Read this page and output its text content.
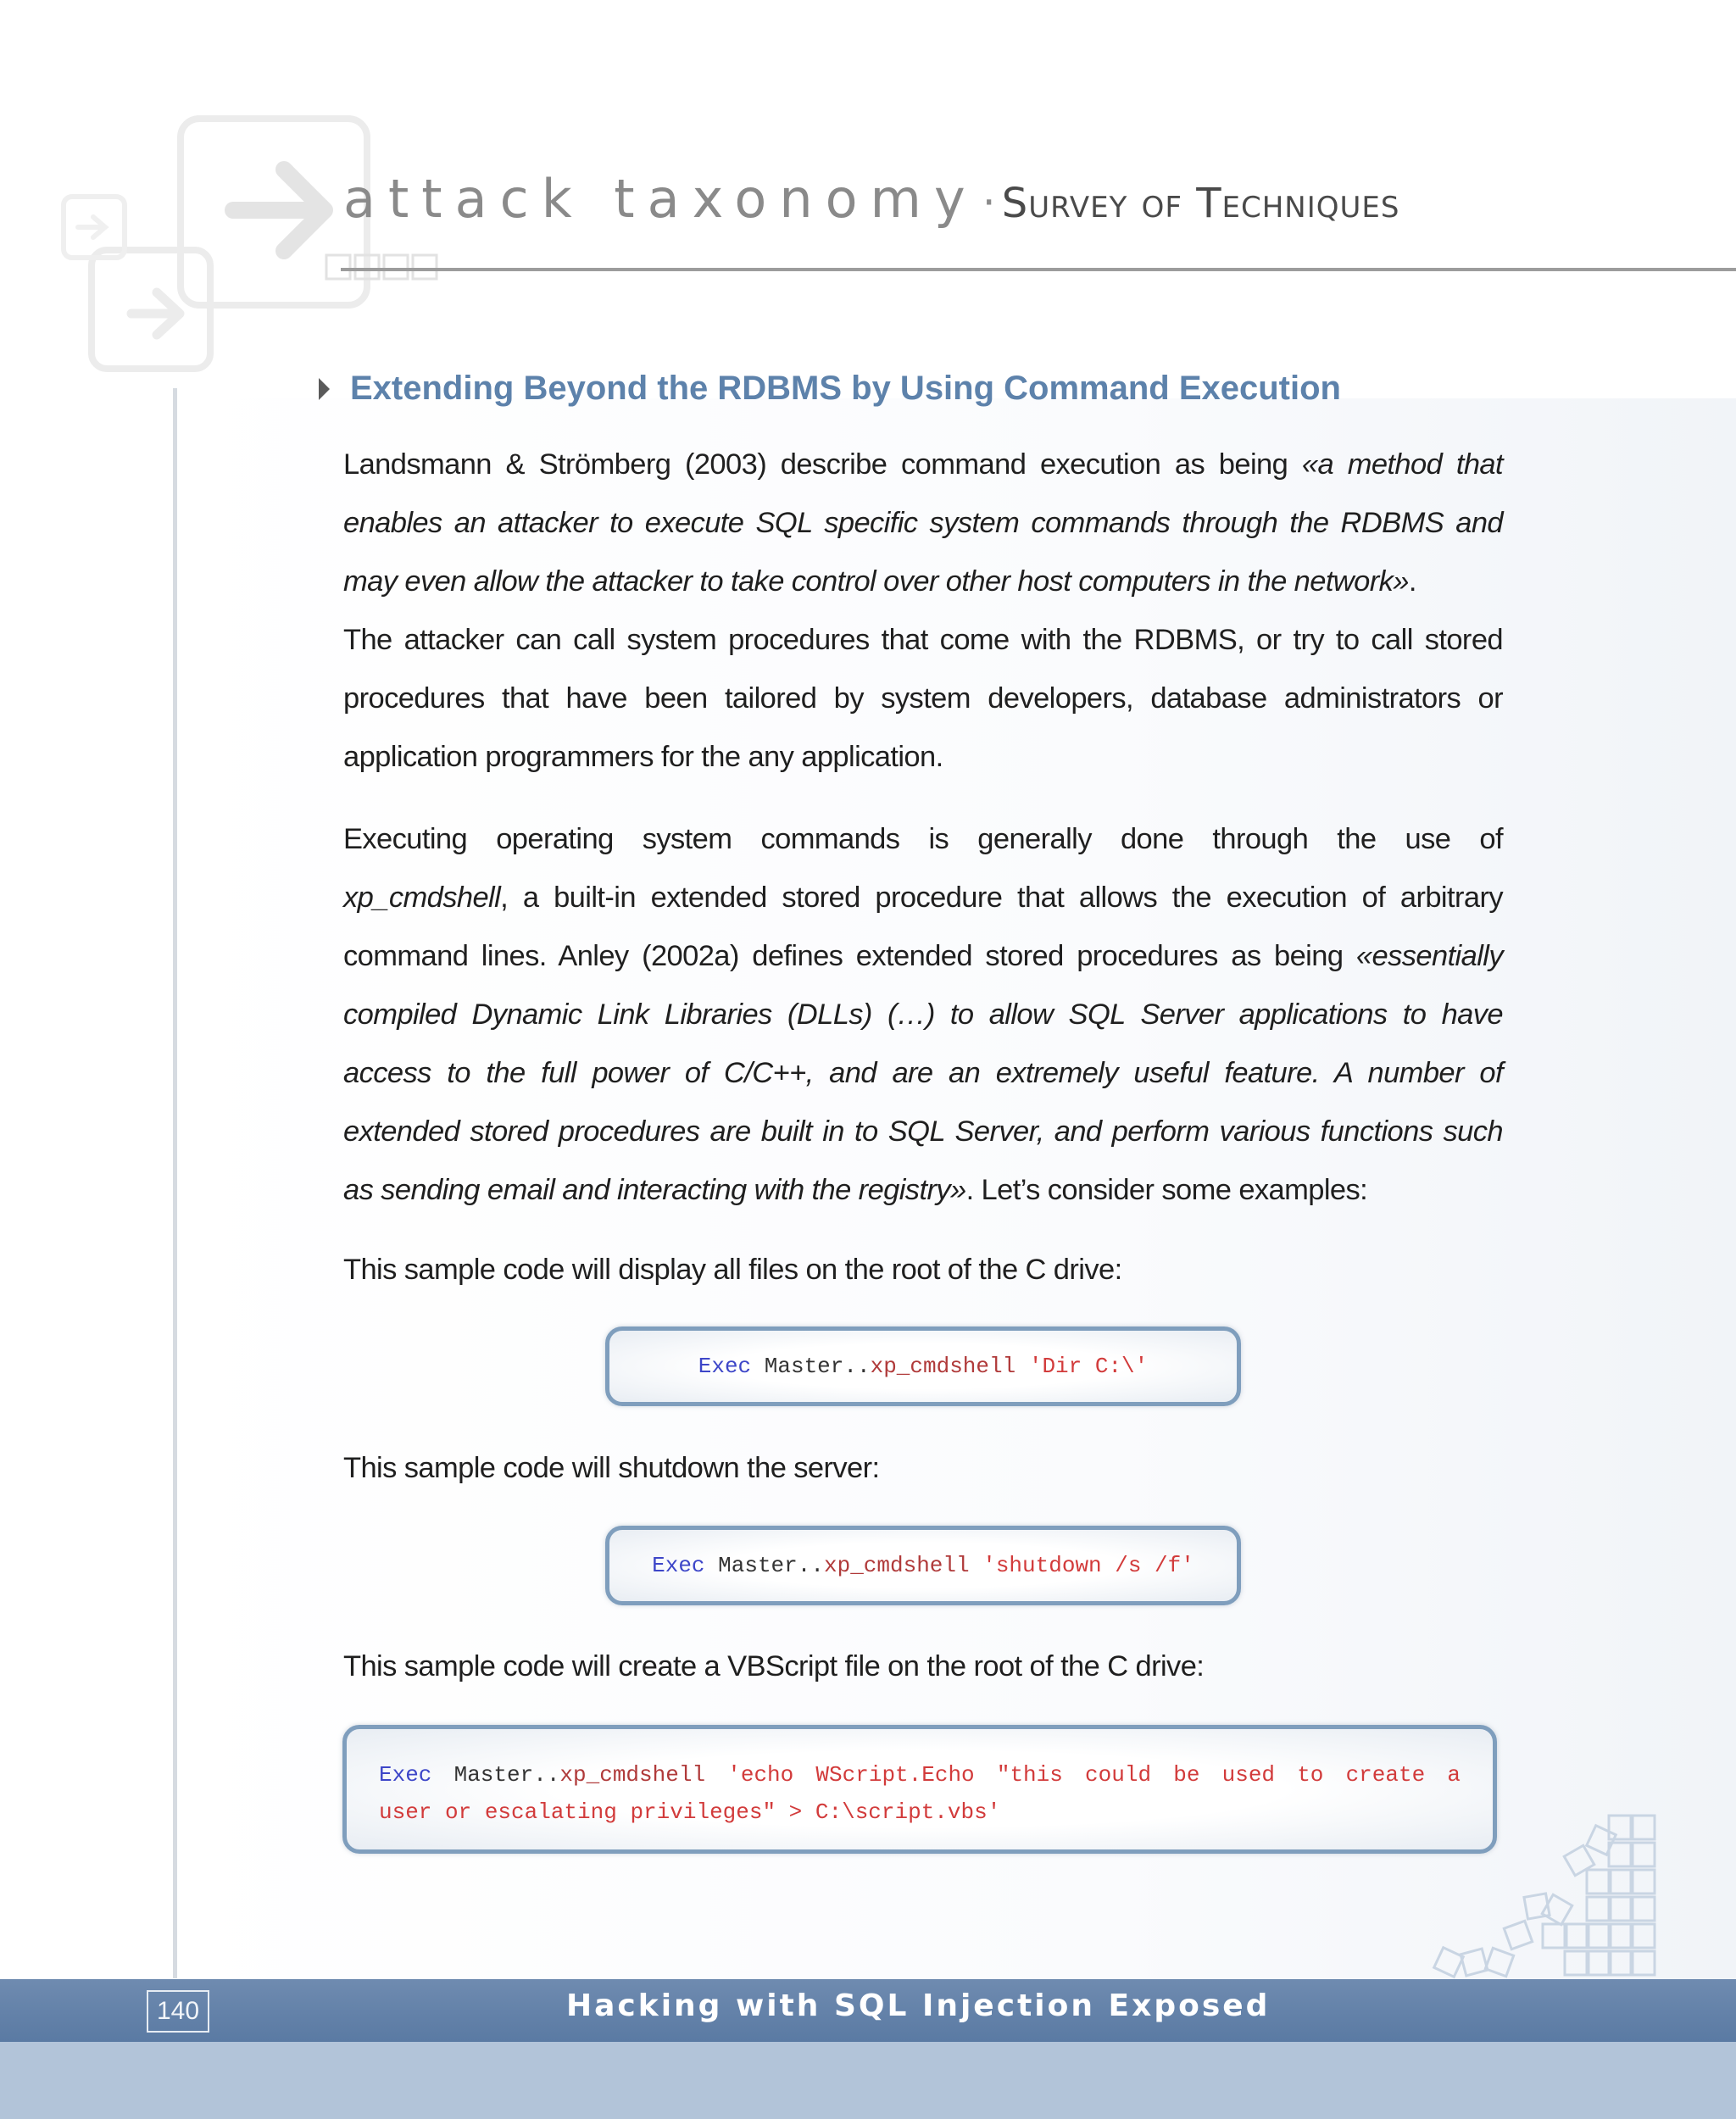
attack taxonomy · Survey of Techniques
Extending Beyond the RDBMS by Using Command Execution
Landsmann & Strömberg (2003) describe command execution as being «a method that
enables an attacker to execute SQL specific system commands through the RDBMS and
may even allow the attacker to take control over other host computers in the network».
The attacker can call system procedures that come with the RDBMS, or try to call stored
procedures that have been tailored by system developers, database administrators or
application programmers for the any application.
Executing operating system commands is generally done through the use of
xp_cmdshell, a built-in extended stored procedure that allows the execution of arbitrary
command lines. Anley (2002a) defines extended stored procedures as being «essentially
compiled Dynamic Link Libraries (DLLs) (…) to allow SQL Server applications to have
access to the full power of C/C++, and are an extremely useful feature. A number of
extended stored procedures are built in to SQL Server, and perform various functions such
as sending email and interacting with the registry». Let’s consider some examples:
This sample code will display all files on the root of the C drive:
Exec Master..xp_cmdshell 'Dir C:\'
This sample code will shutdown the server:
Exec Master..xp_cmdshell 'shutdown /s /f'
This sample code will create a VBScript file on the root of the C drive:
Exec Master..xp_cmdshell 'echo WScript.Echo "this could be used to create a
user or escalating privileges" > C:\script.vbs'
140	Hacking with SQL Injection Exposed
